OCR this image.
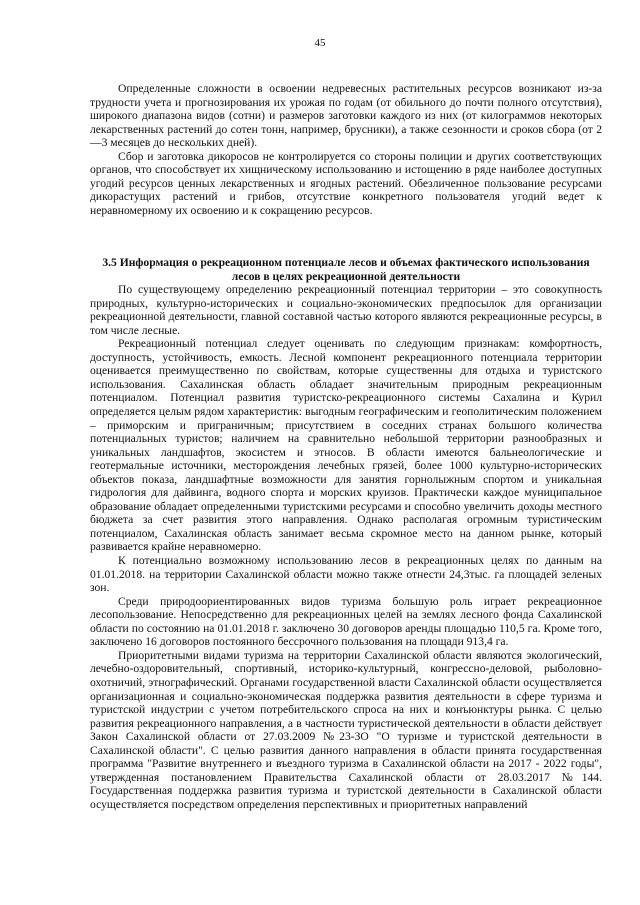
45

Определенные сложности в освоении недревесных растительных ресурсов возникают из-за трудности учета и прогнозирования их урожая по годам (от обильного до почти полного отсутствия), широкого диапазона видов (сотни) и размеров заготовки каждого из них (от килограммов некоторых лекарственных растений до сотен тонн, например, брусники), а также сезонности и сроков сбора (от 2—3 месяцев до нескольких дней).

Сбор и заготовка дикоросов не контролируется со стороны полиции и других соответствующих органов, что способствует их хищническому использованию и истощению в ряде наиболее доступных угодий ресурсов ценных лекарственных и ягодных растений. Обезличенное пользование ресурсами дикорастущих растений и грибов, отсутствие конкретного пользователя угодий ведет к неравномерному их освоению и к сокращению ресурсов.

3.5 Информация о рекреационном потенциале лесов и объемах фактического использования лесов в целях рекреационной деятельности

По существующему определению рекреационный потенциал территории – это совокупность природных, культурно-исторических и социально-экономических предпосылок для организации рекреационной деятельности, главной составной частью которого являются рекреационные ресурсы, в том числе лесные.

Рекреационный потенциал следует оценивать по следующим признакам: комфортность, доступность, устойчивость, емкость. Лесной компонент рекреационного потенциала территории оценивается преимущественно по свойствам, которые существенны для отдыха и туристского использования. Сахалинская область обладает значительным природным рекреационным потенциалом. Потенциал развития туристско-рекреационного системы Сахалина и Курил определяется целым рядом характеристик: выгодным географическим и геополитическим положением – приморским и приграничным; присутствием в соседних странах большого количества потенциальных туристов; наличием на сравнительно небольшой территории разнообразных и уникальных ландшафтов, экосистем и этносов. В области имеются бальнеологические и геотермальные источники, месторождения лечебных грязей, более 1000 культурно-исторических объектов показа, ландшафтные возможности для занятия горнолыжным спортом и уникальная гидрология для дайвинга, водного спорта и морских круизов. Практически каждое муниципальное образование обладает определенными туристскими ресурсами и способно увеличить доходы местного бюджета за счет развития этого направления. Однако располагая огромным туристическим потенциалом, Сахалинская область занимает весьма скромное место на данном рынке, который развивается крайне неравномерно.

К потенциально возможному использованию лесов в рекреационных целях по данным на 01.01.2018. на территории Сахалинской области можно также отнести 24,3тыс. га площадей зеленых зон.

Среди природоориентированных видов туризма большую роль играет рекреационное лесопользование. Непосредственно для рекреационных целей на землях лесного фонда Сахалинской области по состоянию на 01.01.2018 г. заключено 30 договоров аренды площадью 110,5 га. Кроме того, заключено 16 договоров постоянного бессрочного пользования на площади 913,4 га.

Приоритетными видами туризма на территории Сахалинской области являются экологический, лечебно-оздоровительный, спортивный, историко-культурный, конгрессно-деловой, рыболовно-охотничий, этнографический. Органами государственной власти Сахалинской области осуществляется организационная и социально-экономическая поддержка развития деятельности в сфере туризма и туристской индустрии с учетом потребительского спроса на них и конъюнктуры рынка. С целью развития рекреационного направления, а в частности туристической деятельности в области действует Закон Сахалинской области от 27.03.2009 №23-ЗО "О туризме и туристской деятельности в Сахалинской области". С целью развития данного направления в области принята государственная программа "Развитие внутреннего и въездного туризма в Сахалинской области на 2017 - 2022 годы", утвержденная постановлением Правительства Сахалинской области от 28.03.2017 №144. Государственная поддержка развития туризма и туристской деятельности в Сахалинской области осуществляется посредством определения перспективных и приоритетных направлений
